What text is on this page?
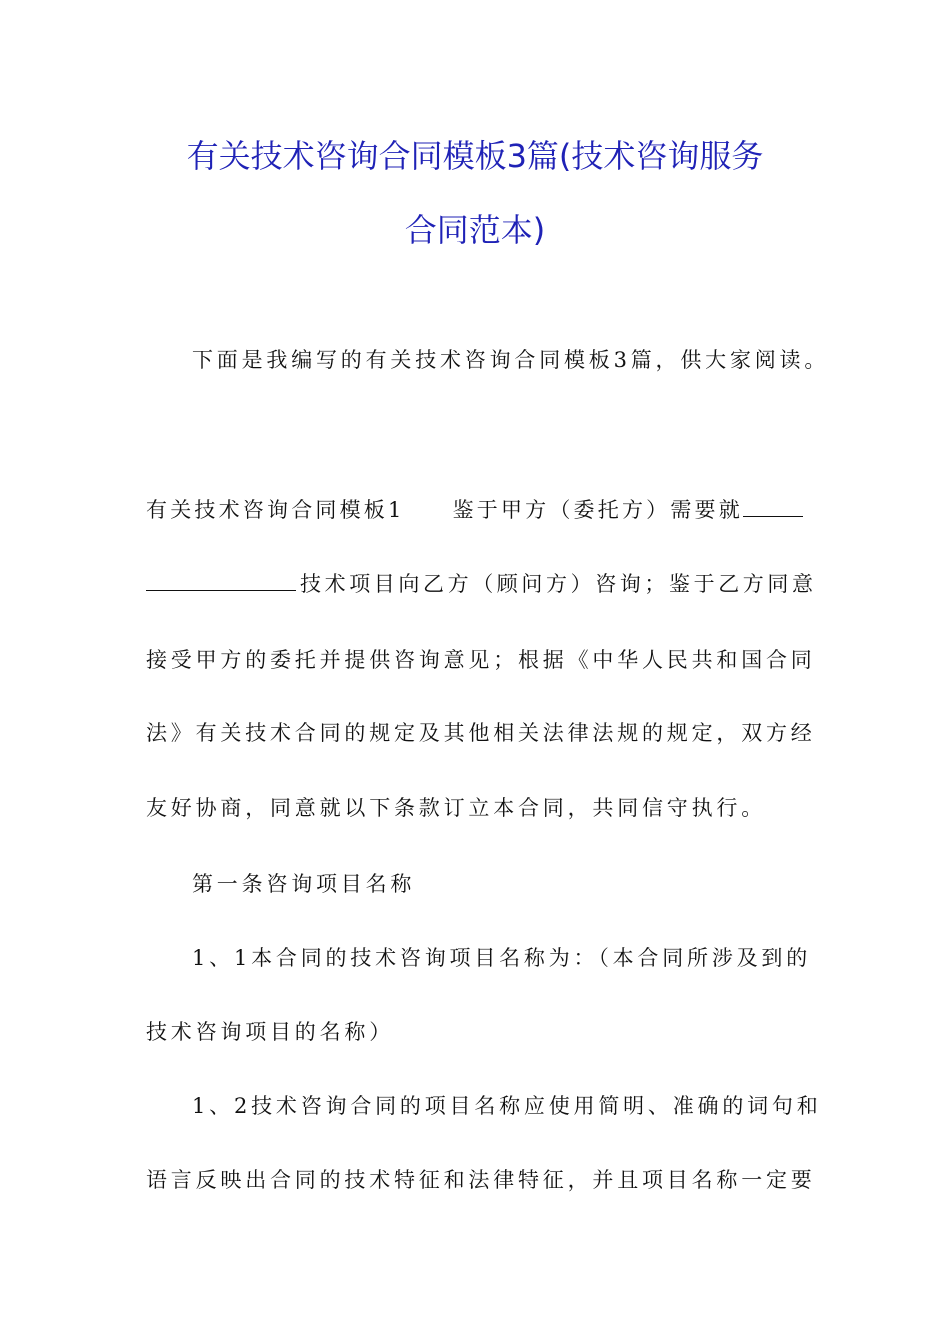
有关技术咨询合同模板3篇(技术咨询服务
合同范本)
下面是我编写的有关技术咨询合同模板3篇，供大家阅读。
有关技术咨询合同模板1 鉴于甲方（委托方）需要就
技术项目向乙方（顾问方）咨询；鉴于乙方同意
接受甲方的委托并提供咨询意见；根据《中华人民共和国合同
法》有关技术合同的规定及其他相关法律法规的规定，双方经
友好协商，同意就以下条款订立本合同，共同信守执行。
第一条咨询项目名称
1、1本合同的技术咨询项目名称为：（本合同所涉及到的
技术咨询项目的名称）
1、2技术咨询合同的项目名称应使用简明、准确的词句和
语言反映出合同的技术特征和法律特征，并且项目名称一定要
